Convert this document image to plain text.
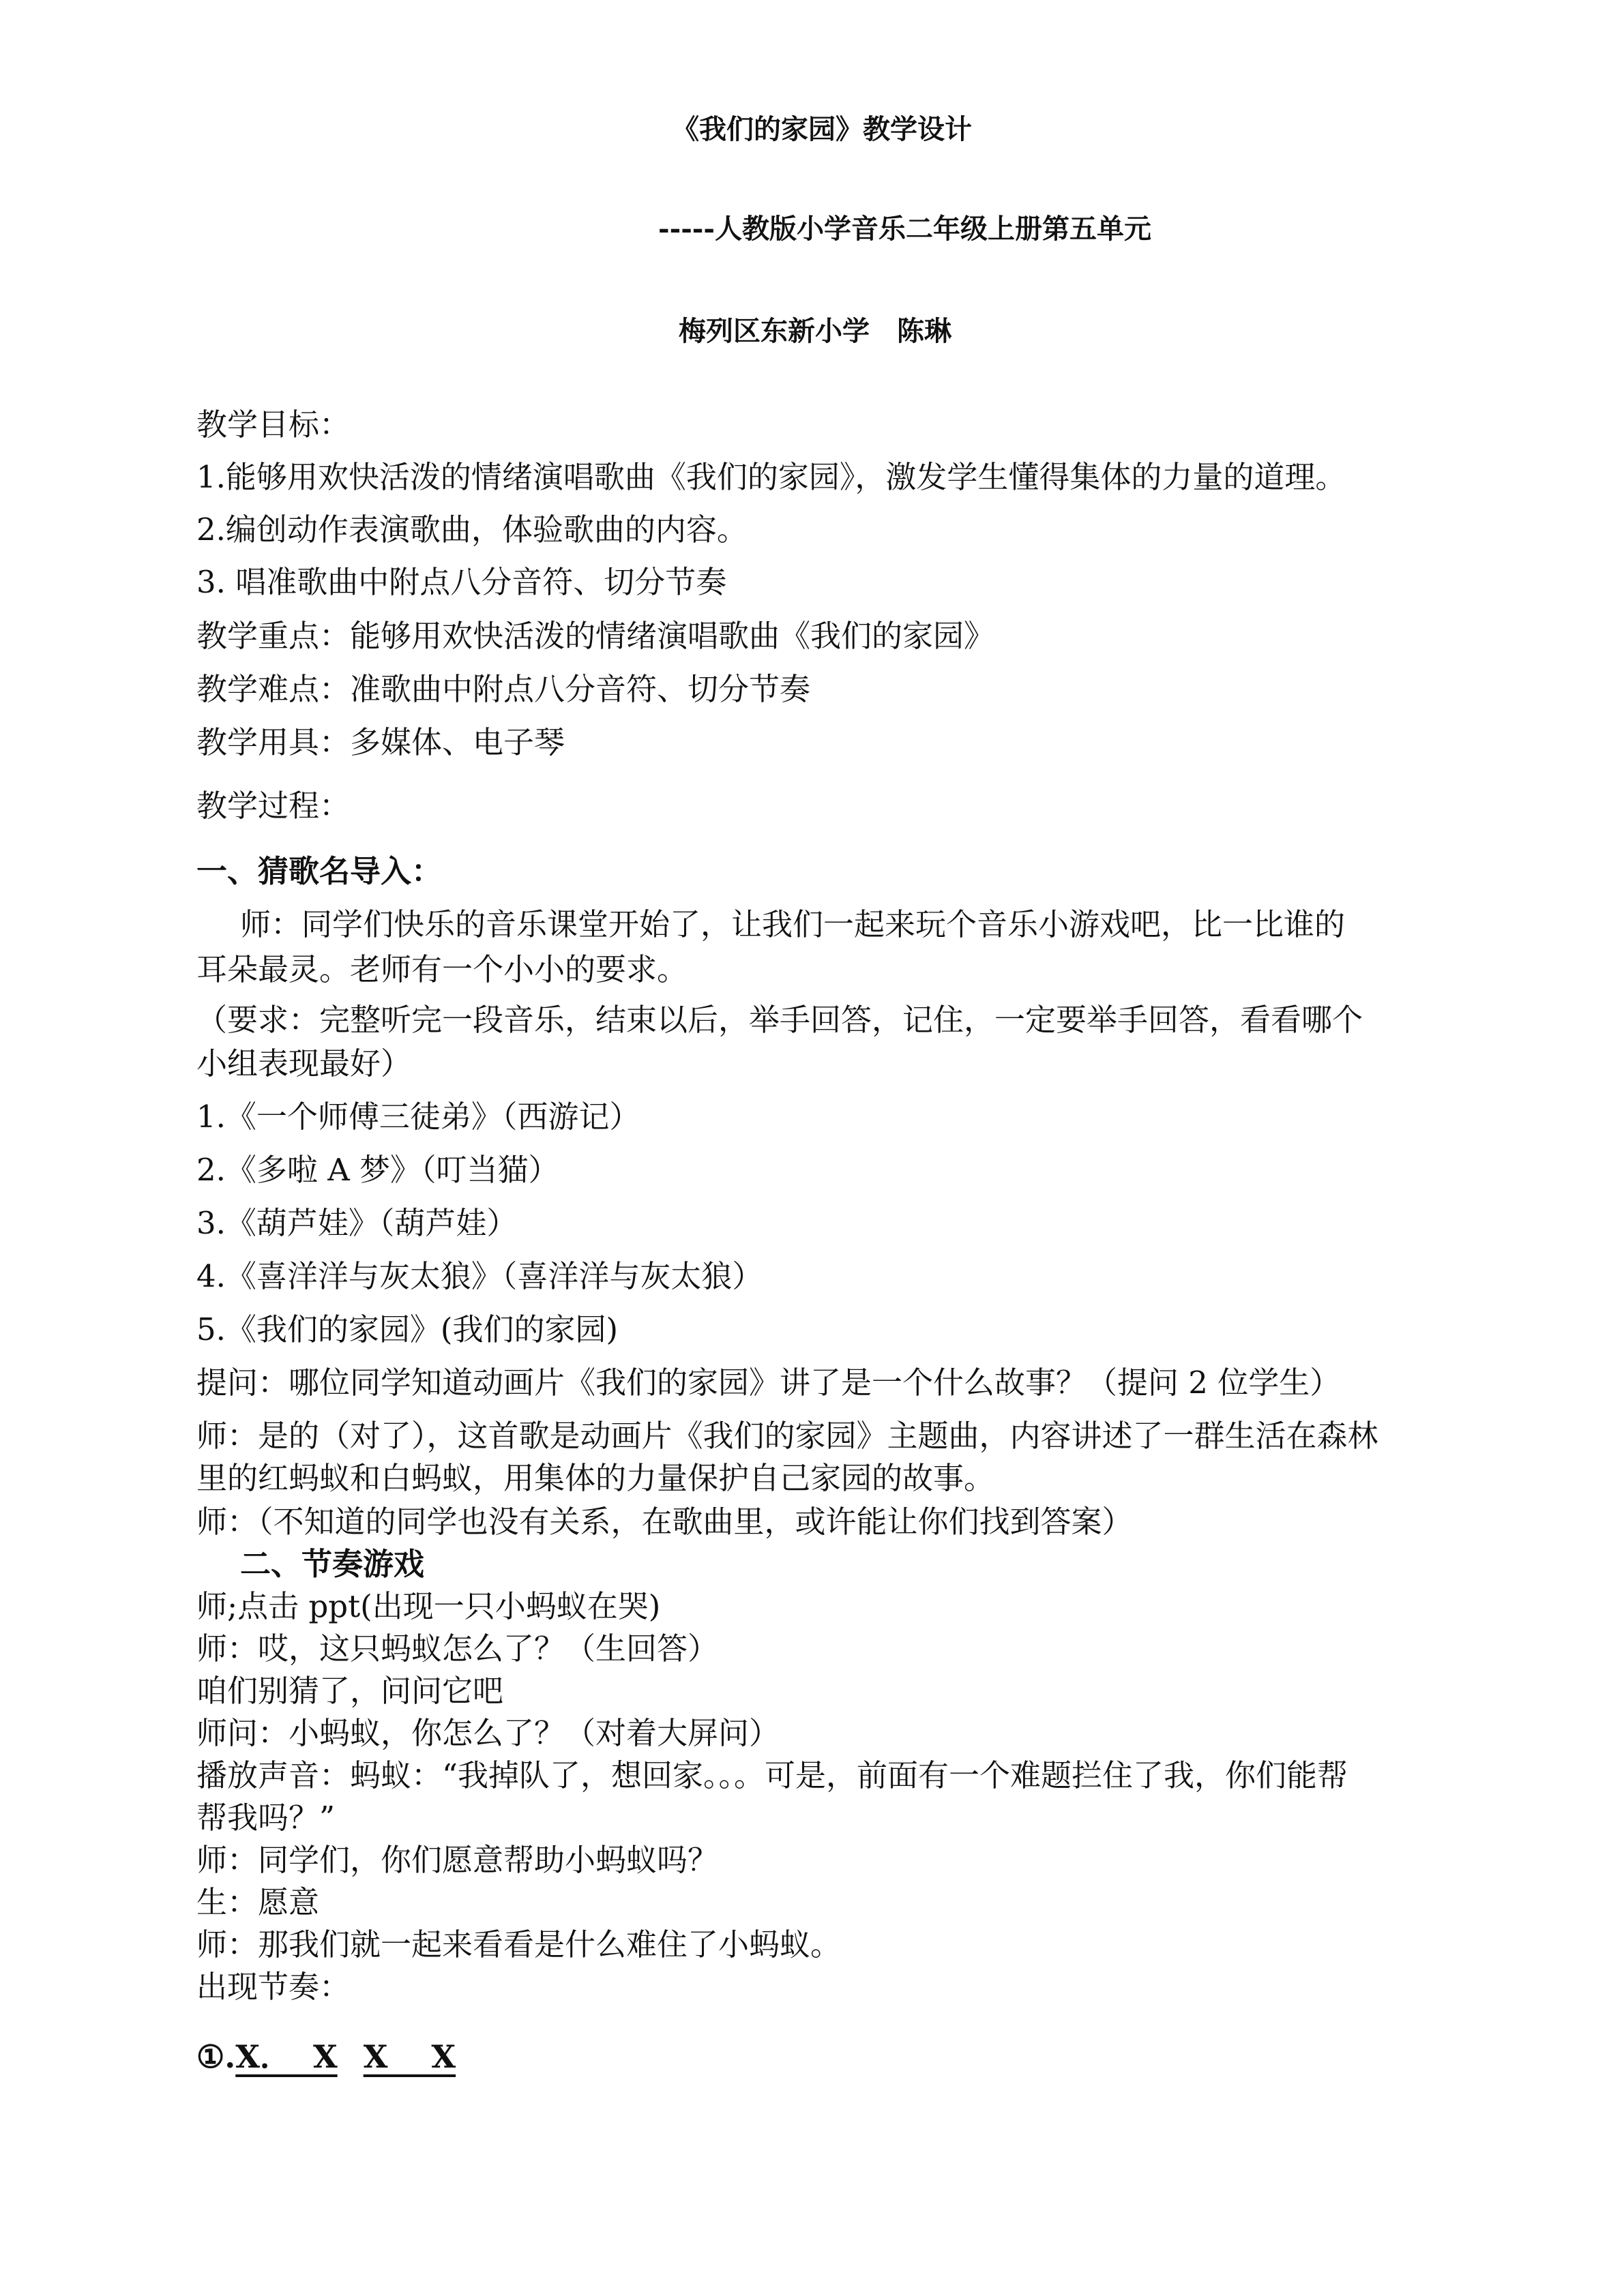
《我们的家园》教学设计

-----人教版小学音乐二年级上册第五单元

梅列区东新小学　陈琳

教学目标：

1.能够用欢快活泼的情绪演唱歌曲《我们的家园》，激发学生懂得集体的力量的道理。

2.编创动作表演歌曲，体验歌曲的内容。

3. 唱准歌曲中附点八分音符、切分节奏

教学重点：能够用欢快活泼的情绪演唱歌曲《我们的家园》

教学难点：准歌曲中附点八分音符、切分节奏

教学用具：多媒体、电子琴

教学过程：

一、猜歌名导入：

师：同学们快乐的音乐课堂开始了，让我们一起来玩个音乐小游戏吧，比一比谁的

耳朵最灵。老师有一个小小的要求。

（要求：完整听完一段音乐，结束以后，举手回答，记住，一定要举手回答，看看哪个

小组表现最好）

1.《一个师傅三徒弟》（西游记）

2.《多啦 A 梦》（叮当猫）

3.《葫芦娃》（葫芦娃）

4.《喜洋洋与灰太狼》（喜洋洋与灰太狼）

5.《我们的家园》(我们的家园)

提问：哪位同学知道动画片《我们的家园》讲了是一个什么故事？（提问 2 位学生）

师：是的（对了），这首歌是动画片《我们的家园》主题曲，内容讲述了一群生活在森林

里的红蚂蚁和白蚂蚁，用集体的力量保护自己家园的故事。

师：（不知道的同学也没有关系，在歌曲里，或许能让你们找到答案）

二、节奏游戏

师;点击 ppt(出现一只小蚂蚁在哭)

师：哎，这只蚂蚁怎么了？（生回答）

咱们别猜了，问问它吧

师问：小蚂蚁，你怎么了？（对着大屏问）

播放声音：蚂蚁：“我掉队了，想回家。。。可是，前面有一个难题拦住了我，你们能帮

帮我吗？”

师：同学们，你们愿意帮助小蚂蚁吗？

生：愿意

师：那我们就一起来看看是什么难住了小蚂蚁。

出现节奏：

①.X．  X X    X
